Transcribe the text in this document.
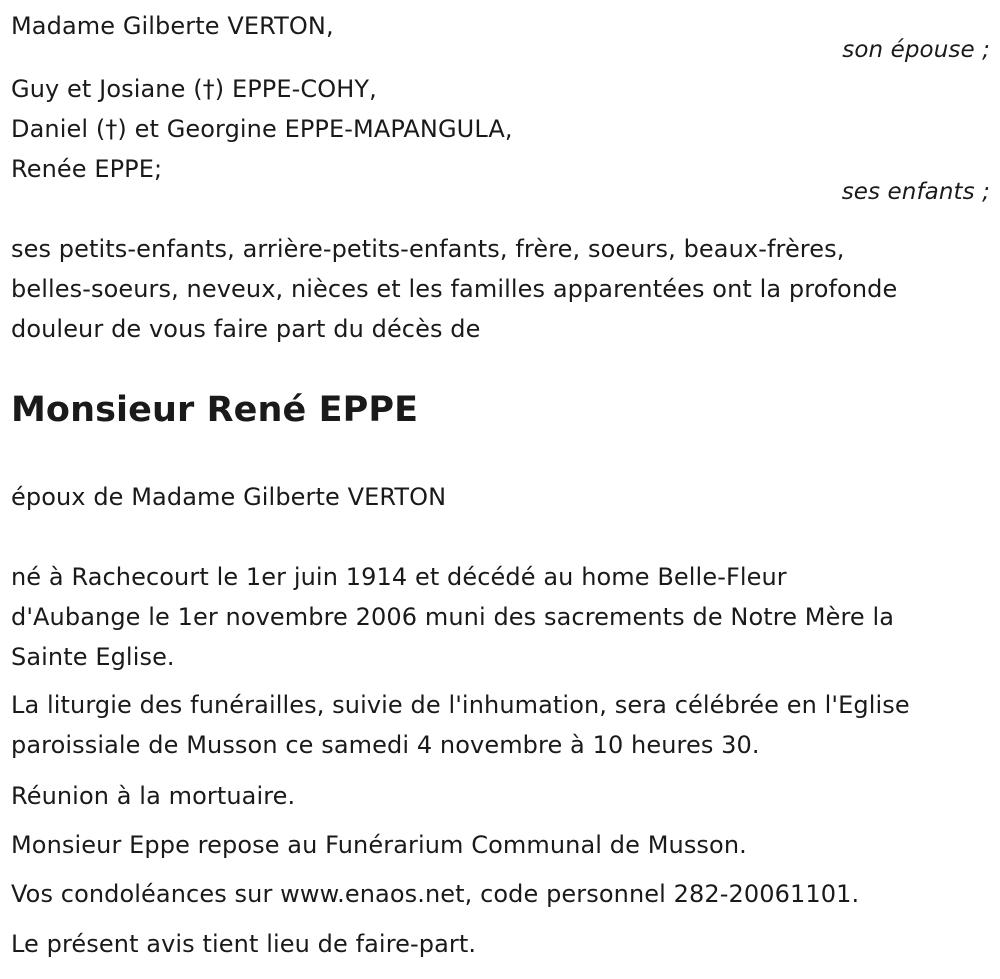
Madame Gilberte VERTON,
son épouse ;
Guy et Josiane (†) EPPE-COHY,
Daniel (†) et Georgine EPPE-MAPANGULA,
Renée EPPE;
ses enfants ;
ses petits-enfants, arrière-petits-enfants, frère, soeurs, beaux-frères,
belles-soeurs, neveux, nièces et les familles apparentées ont la profonde
douleur de vous faire part du décès de
Monsieur René EPPE
époux de Madame Gilberte VERTON
né à Rachecourt le 1er juin 1914 et décédé au home Belle-Fleur
d'Aubange le 1er novembre 2006 muni des sacrements de Notre Mère la
Sainte Eglise.
La liturgie des funérailles, suivie de l'inhumation, sera célébrée en l'Eglise
paroissiale de Musson ce samedi 4 novembre à 10 heures 30.
Réunion à la mortuaire.
Monsieur Eppe repose au Funérarium Communal de Musson.
Vos condoléances sur www.enaos.net, code personnel 282-20061101.
Le présent avis tient lieu de faire-part.
